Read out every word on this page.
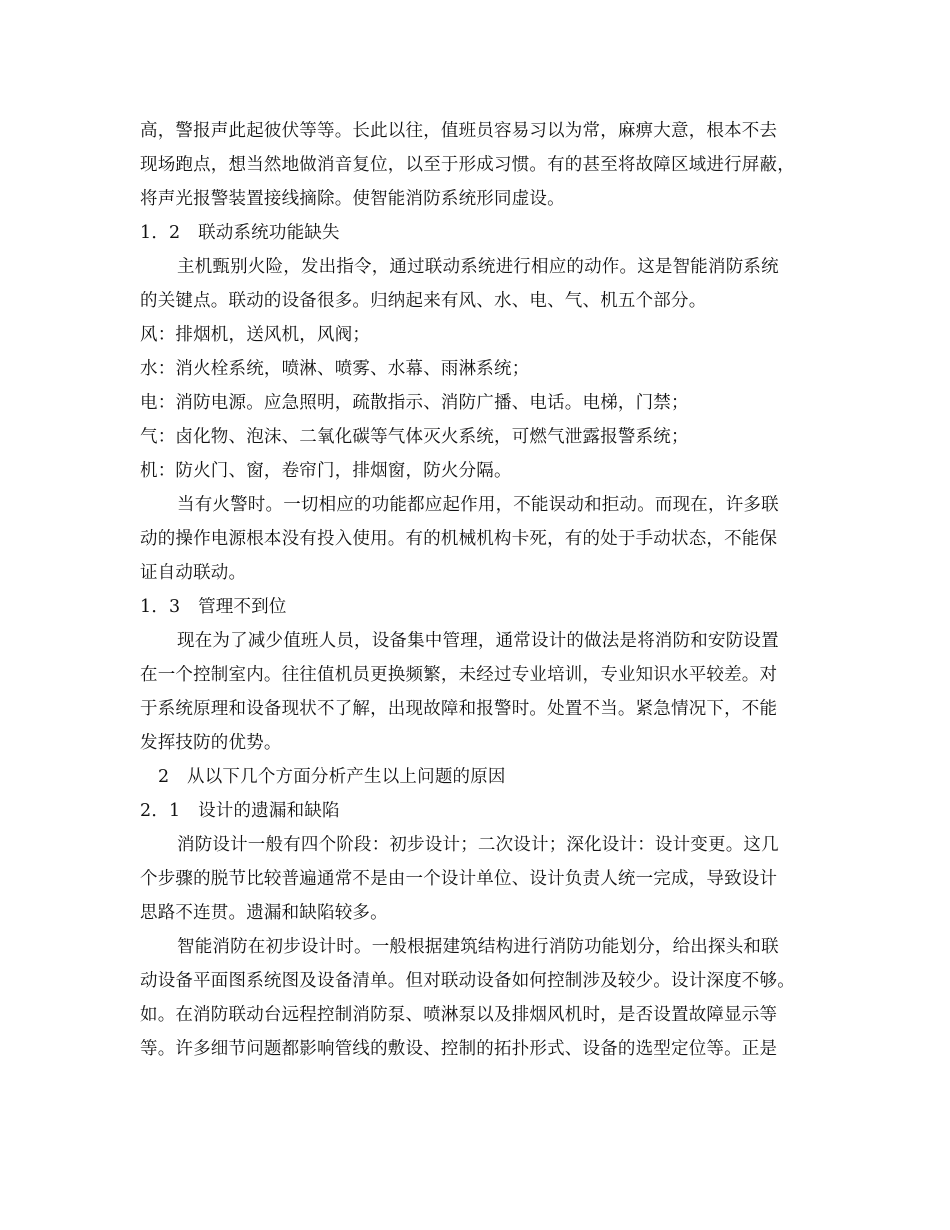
高，警报声此起彼伏等等。长此以往，值班员容易习以为常，麻痹大意，根本不去
现场跑点，想当然地做消音复位，以至于形成习惯。有的甚至将故障区域进行屏蔽，
将声光报警装置接线摘除。使智能消防系统形同虚设。
1．2　联动系统功能缺失
主机甄别火险，发出指令，通过联动系统进行相应的动作。这是智能消防系统
的关键点。联动的设备很多。归纳起来有风、水、电、气、机五个部分。
风：排烟机，送风机，风阀；
水：消火栓系统，喷淋、喷雾、水幕、雨淋系统；
电：消防电源。应急照明，疏散指示、消防广播、电话。电梯，门禁；
气：卤化物、泡沫、二氧化碳等气体灭火系统，可燃气泄露报警系统；
机：防火门、窗，卷帘门，排烟窗，防火分隔。
当有火警时。一切相应的功能都应起作用，不能误动和拒动。而现在，许多联
动的操作电源根本没有投入使用。有的机械机构卡死，有的处于手动状态，不能保
证自动联动。
1．3　管理不到位
现在为了减少值班人员，设备集中管理，通常设计的做法是将消防和安防设置
在一个控制室内。往往值机员更换频繁，未经过专业培训，专业知识水平较差。对
于系统原理和设备现状不了解，出现故障和报警时。处置不当。紧急情况下，不能
发挥技防的优势。
2　从以下几个方面分析产生以上问题的原因
2．1　设计的遗漏和缺陷
消防设计一般有四个阶段：初步设计；二次设计；深化设计：设计变更。这几
个步骤的脱节比较普遍通常不是由一个设计单位、设计负责人统一完成，导致设计
思路不连贯。遗漏和缺陷较多。
智能消防在初步设计时。一般根据建筑结构进行消防功能划分，给出探头和联
动设备平面图系统图及设备清单。但对联动设备如何控制涉及较少。设计深度不够。
如。在消防联动台远程控制消防泵、喷淋泵以及排烟风机时，是否设置故障显示等
等。许多细节问题都影响管线的敷设、控制的拓扑形式、设备的选型定位等。正是
